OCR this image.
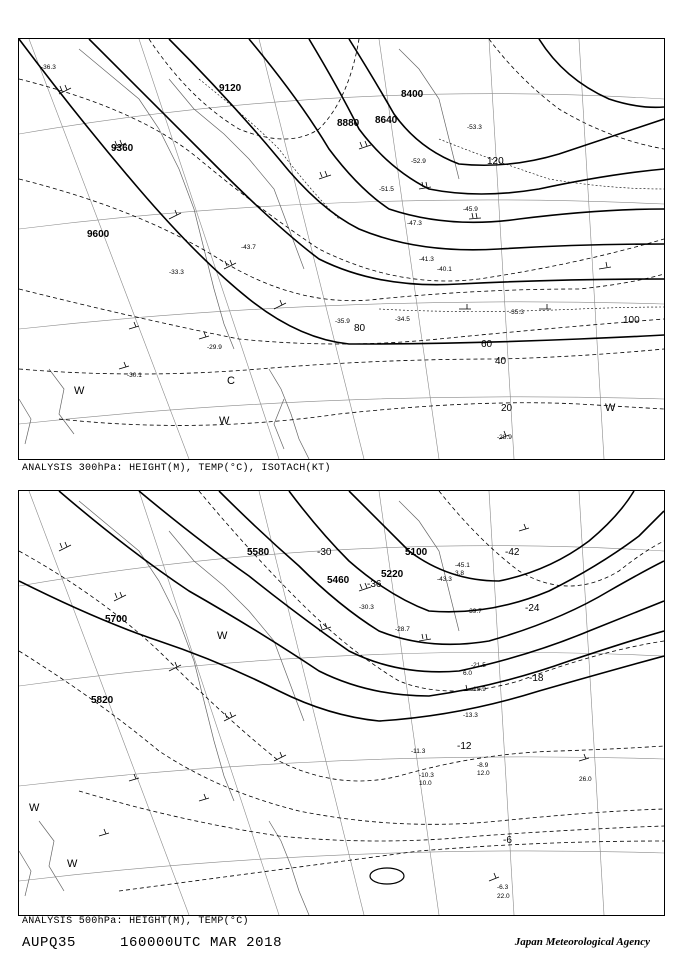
9120
9360
9600
8880 8640
8400
20
40
60
80
100
120
W
W
W
C
-28.9
-29.9
-30.1
-33.3
-35.9	-34.5
-35.3
-40.1
-41.3
-43.7
-45.9
-47.3
-51.5
-52.9
-53.3
-36.3
ANALYSIS 300hPa: HEIGHT(M), TEMP(°C), ISOTACH(KT)
5100
5220
5460
5580
5700
5820
-6
-12
-18
-24
-30
-36
-42
W
W
W
-6.3
-8.9
-10.3
-11.3
-13.3
-15.9
-21.5
-28.7
-30.3
-39.7
-43.3
-45.1
22.0
12.0
10.0
26.0
6.0
3.8
ANALYSIS 500hPa: HEIGHT(M), TEMP(°C)
AUPQ35	160000UTC MAR 2018	Japan Meteorological Agency
